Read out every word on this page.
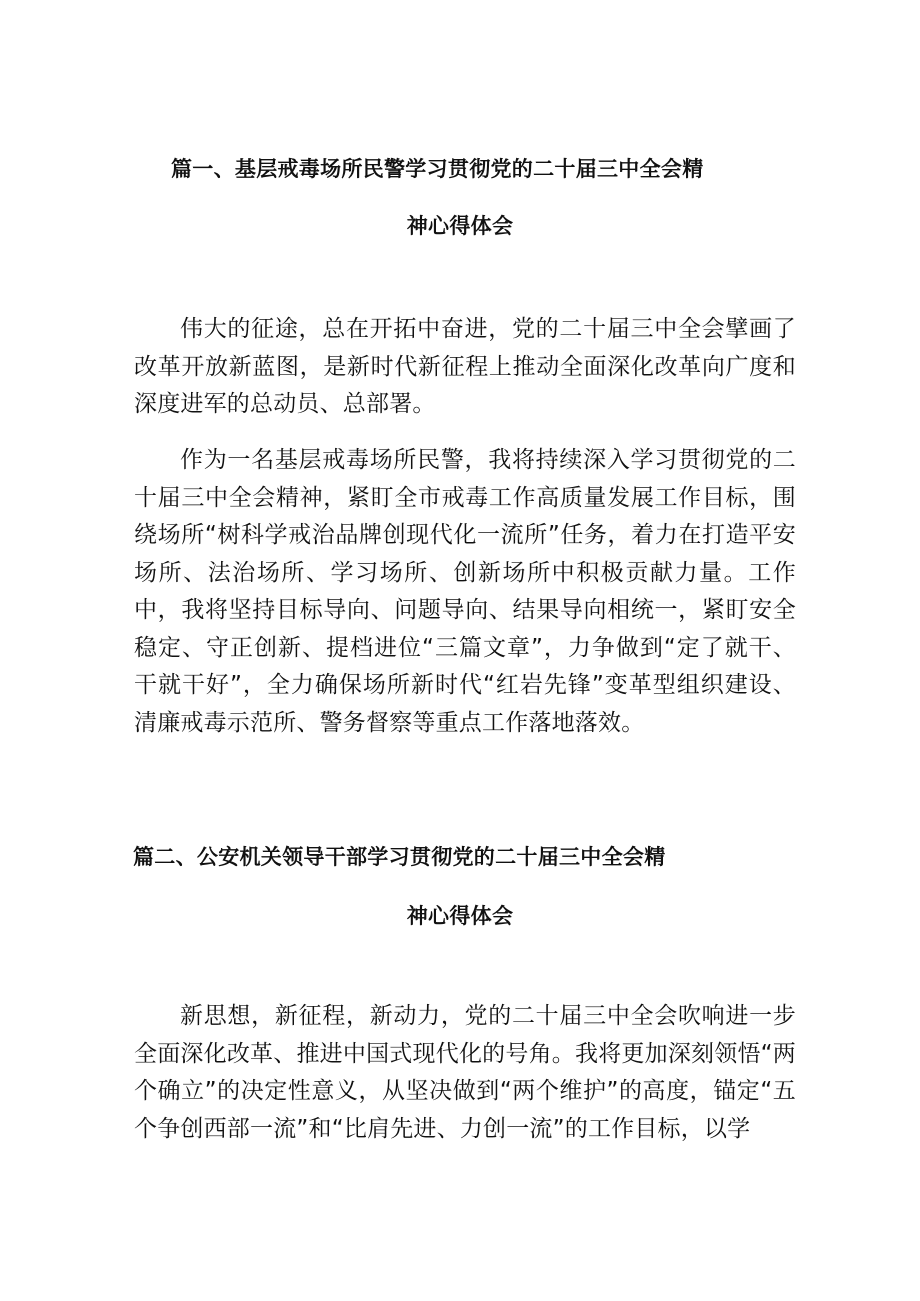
篇一、基层戒毒场所民警学习贯彻党的二十届三中全会精
神心得体会

伟大的征途，总在开拓中奋进，党的二十届三中全会擘画了改革开放新蓝图，是新时代新征程上推动全面深化改革向广度和深度进军的总动员、总部署。

作为一名基层戒毒场所民警，我将持续深入学习贯彻党的二十届三中全会精神，紧盯全市戒毒工作高质量发展工作目标，围绕场所“树科学戒治品牌创现代化一流所”任务，着力在打造平安场所、法治场所、学习场所、创新场所中积极贡献力量。工作中，我将坚持目标导向、问题导向、结果导向相统一，紧盯安全稳定、守正创新、提档进位“三篇文章”，力争做到“定了就干、干就干好”，全力确保场所新时代“红岩先锋”变革型组织建设、清廉戒毒示范所、警务督察等重点工作落地落效。

篇二、公安机关领导干部学习贯彻党的二十届三中全会精
神心得体会

新思想，新征程，新动力，党的二十届三中全会吹响进一步全面深化改革、推进中国式现代化的号角。我将更加深刻领悟“两个确立”的决定性意义，从坚决做到“两个维护”的高度，锚定“五个争创西部一流”和“比肩先进、力创一流”的工作目标，以学
